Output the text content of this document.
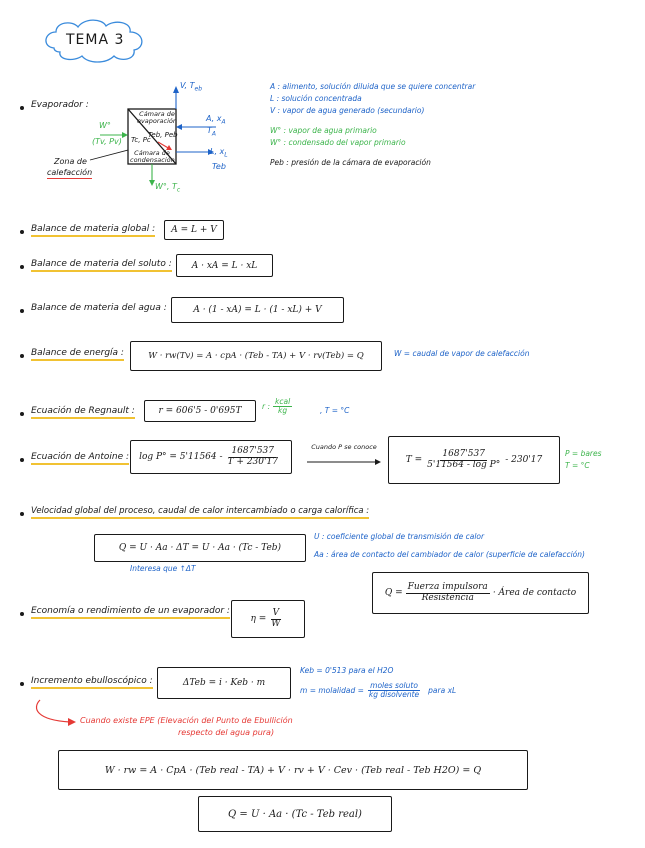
TEMA 3
Evaporador :
V, $T_{eb}$
Cámara de evaporación
Teb, Peb
Tc, Pc
Cámara de condensación
W°
(Tv, Pv)
A, $x_A$
$T_A$
L, $x_L$
Teb
W°, $T_c$
Zona de
calefacción
A : alimento, solución diluida que se quiere concentrar
L : solución concentrada
V : vapor de agua generado (secundario)
W° : vapor de agua primario
W° : condensado del vapor primario
Peb : presión de la cámara de evaporación
Balance de materia global :	A = L + V
Balance de materia del soluto :	A · xA = L · xL
Balance de materia del agua :	A · (1 - xA) = L · (1 - xL) + V
Balance de energía :	W · rw(Tv) = A · cpA · (Teb - TA) + V · rv(Teb) = Q	W = caudal de vapor de calefacción
Ecuación de Regnault :	r = 606'5 - 0'695T	r : $\frac{\text{kcal}}{kg}$	, T = °C
Ecuación de Antoine : $\log P^\circ = 5'11564 - \frac{1687'537}{T + 230'17}$	Cuando P se conoce
$T = \frac{1687'537}{\text{5'11564 - log P°}} - 230'17$
P = bares
T = °C
Velocidad global del proceso, caudal de calor intercambiado o carga calorífica :
Q = U · Aa · ΔT = U · Aa · (Tc - Teb)
U : coeficiente global de transmisión de calor
Aa : área de contacto del cambiador de calor (superficie de calefacción)
Interesa que ↑ΔT
$Q = \frac{\text{Fuerza impulsora}}{\text{Resistencia}}$ · Área de contacto
Economía o rendimiento de un evaporador :
$\eta = \frac{V}{W}$
Incremento ebulloscópico :	ΔTeb = i · Keb · m
Keb = 0'513 para el H2O
m = molalidad = $\frac{\text{moles soluto}}{\text{kg disolvente}}$ para xL
Cuando existe EPE (Elevación del Punto de Ebullición
respecto del agua pura)
W · rw = A · CpA · (Teb real - TA) + V · rv + V · Cev · (Teb real - Teb H2O) = Q
Q = U · Aa · (Tc - Teb real)
